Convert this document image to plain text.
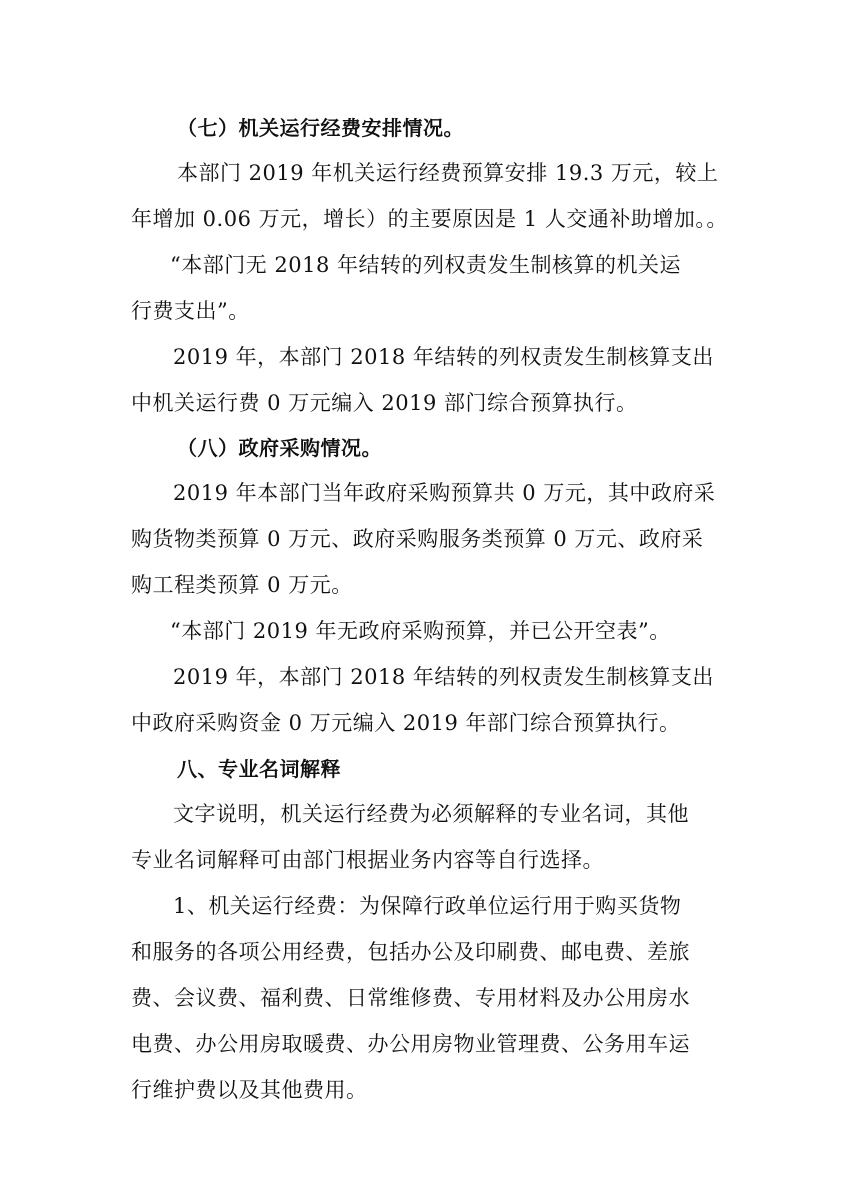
（七）机关运行经费安排情况。
本部门 2019 年机关运行经费预算安排 19.3 万元，较上
年增加 0.06 万元，增长）的主要原因是 1 人交通补助增加。。
“本部门无 2018 年结转的列权责发生制核算的机关运
行费支出”。
2019 年，本部门 2018 年结转的列权责发生制核算支出
中机关运行费 0 万元编入 2019 部门综合预算执行。
（八）政府采购情况。
2019 年本部门当年政府采购预算共 0 万元，其中政府采
购货物类预算 0 万元、政府采购服务类预算 0 万元、政府采
购工程类预算 0 万元。
“本部门 2019 年无政府采购预算，并已公开空表”。
2019 年，本部门 2018 年结转的列权责发生制核算支出
中政府采购资金 0 万元编入 2019 年部门综合预算执行。
八、专业名词解释
文字说明，机关运行经费为必须解释的专业名词，其他
专业名词解释可由部门根据业务内容等自行选择。
1、机关运行经费：为保障行政单位运行用于购买货物
和服务的各项公用经费，包括办公及印刷费、邮电费、差旅
费、会议费、福利费、日常维修费、专用材料及办公用房水
电费、办公用房取暖费、办公用房物业管理费、公务用车运
行维护费以及其他费用。
